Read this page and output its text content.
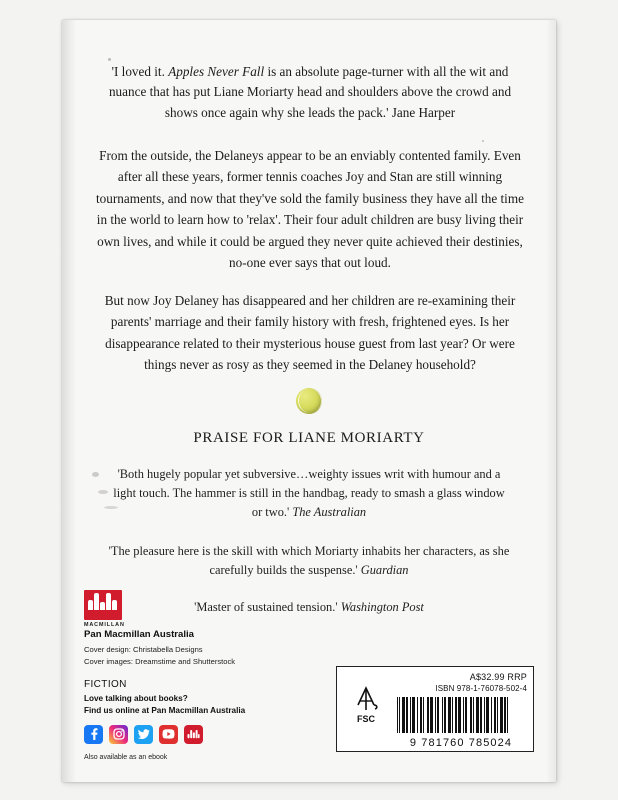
'I loved it. Apples Never Fall is an absolute page-turner with all the wit and nuance that has put Liane Moriarty head and shoulders above the crowd and shows once again why she leads the pack.' Jane Harper
From the outside, the Delaneys appear to be an enviably contented family. Even after all these years, former tennis coaches Joy and Stan are still winning tournaments, and now that they've sold the family business they have all the time in the world to learn how to 'relax'. Their four adult children are busy living their own lives, and while it could be argued they never quite achieved their destinies, no-one ever says that out loud.
But now Joy Delaney has disappeared and her children are re-examining their parents' marriage and their family history with fresh, frightened eyes. Is her disappearance related to their mysterious house guest from last year? Or were things never as rosy as they seemed in the Delaney household?
PRAISE FOR LIANE MORIARTY
'Both hugely popular yet subversive…weighty issues writ with humour and a light touch. The hammer is still in the handbag, ready to smash a glass window or two.' The Australian
'The pleasure here is the skill with which Moriarty inhabits her characters, as she carefully builds the suspense.' Guardian
'Master of sustained tension.' Washington Post
MACMILLAN
Pan Macmillan Australia
Cover design: Christabella Designs
Cover images: Dreamstime and Shutterstock
FICTION
Love talking about books?
Find us online at Pan Macmillan Australia
Also available as an ebook
A$32.99 RRP
ISBN 978-1-76078-502-4
FSC
9 781760 785024
